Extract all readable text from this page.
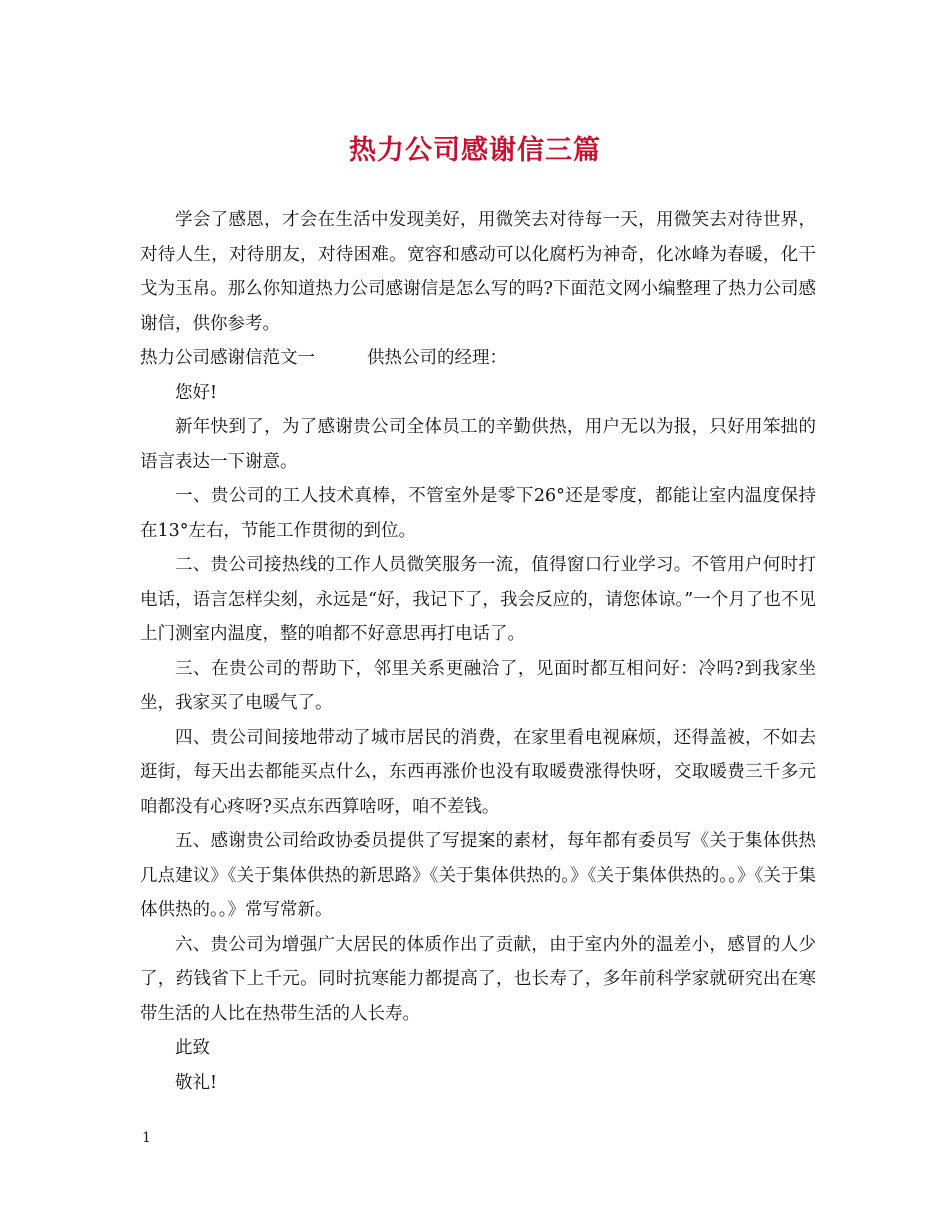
热力公司感谢信三篇

学会了感恩，才会在生活中发现美好，用微笑去对待每一天，用微笑去对待世界，对待人生，对待朋友，对待困难。宽容和感动可以化腐朽为神奇，化冰峰为春暖，化干戈为玉帛。那么你知道热力公司感谢信是怎么写的吗?下面范文网小编整理了热力公司感谢信，供你参考。

热力公司感谢信范文一	供热公司的经理：

您好!

新年快到了，为了感谢贵公司全体员工的辛勤供热，用户无以为报，只好用笨拙的语言表达一下谢意。

一、贵公司的工人技术真棒，不管室外是零下26°还是零度，都能让室内温度保持在13°左右，节能工作贯彻的到位。

二、贵公司接热线的工作人员微笑服务一流，值得窗口行业学习。不管用户何时打电话，语言怎样尖刻，永远是“好，我记下了，我会反应的，请您体谅。”一个月了也不见上门测室内温度，整的咱都不好意思再打电话了。

三、在贵公司的帮助下，邻里关系更融洽了，见面时都互相问好：冷吗?到我家坐坐，我家买了电暖气了。

四、贵公司间接地带动了城市居民的消费，在家里看电视麻烦，还得盖被，不如去逛街，每天出去都能买点什么，东西再涨价也没有取暖费涨得快呀，交取暖费三千多元咱都没有心疼呀?买点东西算啥呀，咱不差钱。

五、感谢贵公司给政协委员提供了写提案的素材，每年都有委员写《关于集体供热几点建议》《关于集体供热的新思路》《关于集体供热的。》《关于集体供热的。。》《关于集体供热的。。》常写常新。

六、贵公司为增强广大居民的体质作出了贡献，由于室内外的温差小，感冒的人少了，药钱省下上千元。同时抗寒能力都提高了，也长寿了，多年前科学家就研究出在寒带生活的人比在热带生活的人长寿。

此致

敬礼!

1
